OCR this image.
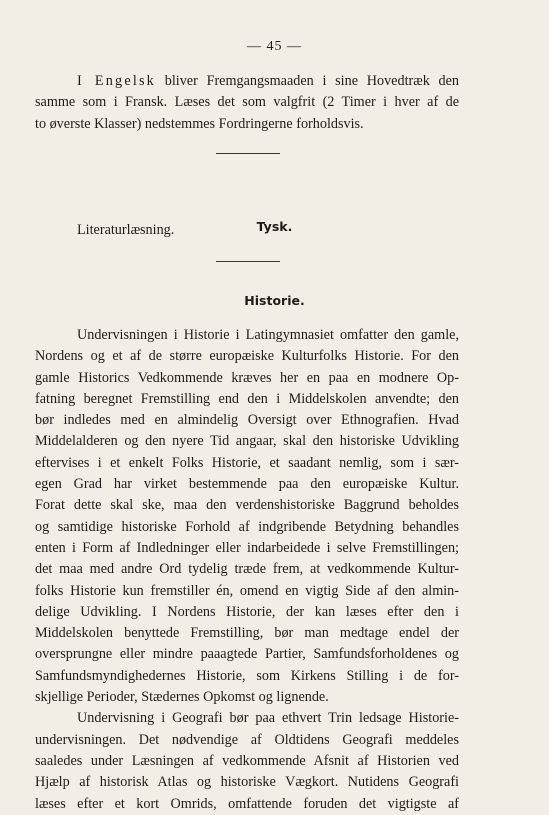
— 45 —
I Engelsk bliver Fremgangsmaaden i sine Hovedtræk den
samme som i Fransk. Læses det som valgfrit (2 Timer i hver af de
to øverste Klasser) nedstemmes Fordringerne forholdsvis.
Tysk.
Literaturlæsning.
Historie.
Undervisningen i Historie i Latingymnasiet omfatter den gamle,
Nordens og et af de større europæiske Kulturfolks Historie. For den
gamle Historics Vedkommende kræves her en paa en modnere Op-
fatning beregnet Fremstilling end den i Middelskolen anvendte; den
bør indledes med en almindelig Oversigt over Ethnografien. Hvad
Middelalderen og den nyere Tid angaar, skal den historiske Udvikling
eftervises i et enkelt Folks Historie, et saadant nemlig, som i sær-
egen Grad har virket bestemmende paa den europæiske Kultur.
Forat dette skal ske, maa den verdenshistoriske Baggrund beholdes
og samtidige historiske Forhold af indgribende Betydning behandles
enten i Form af Indledninger eller indarbeidede i selve Fremstillingen;
det maa med andre Ord tydelig træde frem, at vedkommende Kultur-
folks Historie kun fremstiller én, omend en vigtig Side af den almin-
delige Udvikling. I Nordens Historie, der kan læses efter den i
Middelskolen benyttede Fremstilling, bør man medtage endel der
oversprungne eller mindre paaagtede Partier, Samfundsforholdenes og
Samfundsmyndighedernes Historie, som Kirkens Stilling i de for-
skjellige Perioder, Stædernes Opkomst og lignende.
Undervisning i Geografi bør paa ethvert Trin ledsage Historie-
undervisningen. Det nødvendige af Oldtidens Geografi meddeles
saaledes under Læsningen af vedkommende Afsnit af Historien ved
Hjælp af historisk Atlas og historiske Vægkort. Nutidens Geografi
læses efter et kort Omrids, omfattende foruden det vigtigste af
